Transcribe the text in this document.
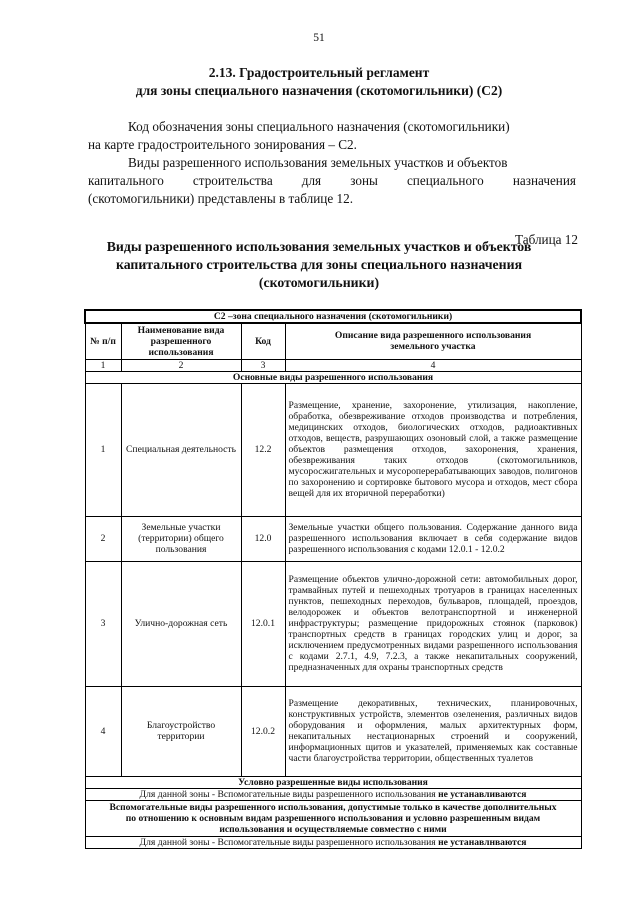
51
2.13. Градостроительный регламент
для зоны специального назначения (скотомогильники) (С2)
Код обозначения зоны специального назначения (скотомогильники)
на карте градостроительного зонирования – С2.
Виды разрешенного использования земельных участков и объектов
капитального строительства для зоны специального назначения
(скотомогильники) представлены в таблице 12.
Таблица 12
Виды разрешенного использования земельных участков и объектов
капитального строительства для зоны специального назначения
(скотомогильники)
С2 –зона специального назначения (скотомогильники)			
№ п/п	Наименование вида разрешенного использования	Код	Описание вида разрешенного использования земельного участка
1	2	3	4
Основные виды разрешенного использования			
1	Специальная деятельность	12.2	Размещение, хранение, захоронение, утилизация, накопление, обработка, обезвреживание отходов производства и потребления, медицинских отходов, биологических отходов, радиоактивных отходов, веществ, разрушающих озоновый слой, а также размещение объектов размещения отходов, захоронения, хранения, обезвреживания таких отходов (скотомогильников, мусоросжигательных и мусороперерабатывающих заводов, полигонов по захоронению и сортировке бытового мусора и отходов, мест сбора вещей для их вторичной переработки)
2	Земельные участки (территории) общего пользования	12.0	Земельные участки общего пользования. Содержание данного вида разрешенного использования включает в себя содержание видов разрешенного использования с кодами 12.0.1 - 12.0.2
3	Улично-дорожная сеть	12.0.1	Размещение объектов улично-дорожной сети: автомобильных дорог, трамвайных путей и пешеходных тротуаров в границах населенных пунктов, пешеходных переходов, бульваров, площадей, проездов, велодорожек и объектов велотранспортной и инженерной инфраструктуры; размещение придорожных стоянок (парковок) транспортных средств в границах городских улиц и дорог, за исключением предусмотренных видами разрешенного использования с кодами 2.7.1, 4.9, 7.2.3, а также некапитальных сооружений, предназначенных для охраны транспортных средств
4	Благоустройство территории	12.0.2	Размещение декоративных, технических, планировочных, конструктивных устройств, элементов озеленения, различных видов оборудования и оформления, малых архитектурных форм, некапитальных нестационарных строений и сооружений, информационных щитов и указателей, применяемых как составные части благоустройства территории, общественных туалетов
Условно разрешенные виды использования			
Для данной зоны - Вспомогательные виды разрешенного использования не устанавливаются			
Вспомогательные виды разрешенного использования, допустимые только в качестве дополнительных по отношению к основным видам разрешенного использования и условно разрешенным видам использования и осуществляемые совместно с ними			
Для данной зоны - Вспомогательные виды разрешенного использования не устанавлнваются			
